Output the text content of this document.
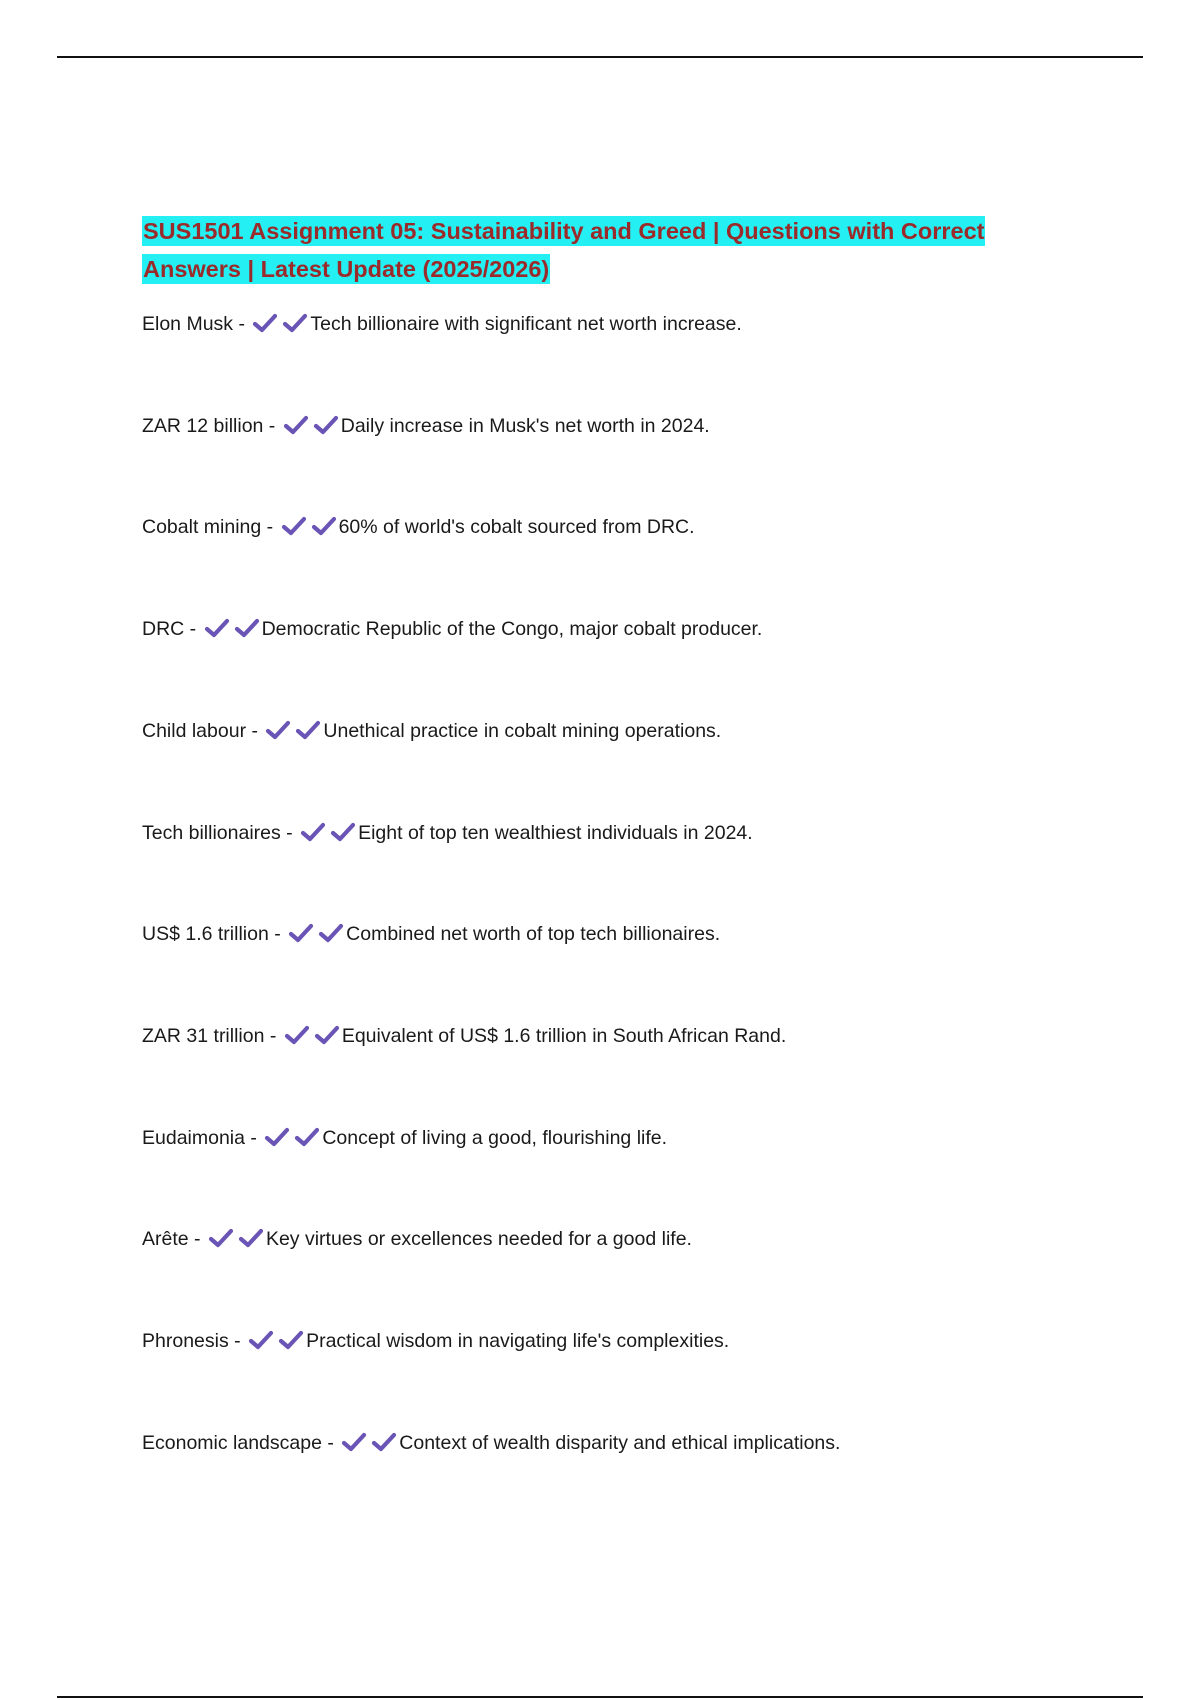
SUS1501 Assignment 05: Sustainability and Greed | Questions with Correct Answers | Latest Update (2025/2026)
Elon Musk -	Tech billionaire with significant net worth increase.
ZAR 12 billion -	Daily increase in Musk's net worth in 2024.
Cobalt mining -	60% of world's cobalt sourced from DRC.
DRC -	Democratic Republic of the Congo, major cobalt producer.
Child labour -	Unethical practice in cobalt mining operations.
Tech billionaires -	Eight of top ten wealthiest individuals in 2024.
US$ 1.6 trillion -	Combined net worth of top tech billionaires.
ZAR 31 trillion -	Equivalent of US$ 1.6 trillion in South African Rand.
Eudaimonia -	Concept of living a good, flourishing life.
Arête -	Key virtues or excellences needed for a good life.
Phronesis -	Practical wisdom in navigating life's complexities.
Economic landscape -	Context of wealth disparity and ethical implications.
